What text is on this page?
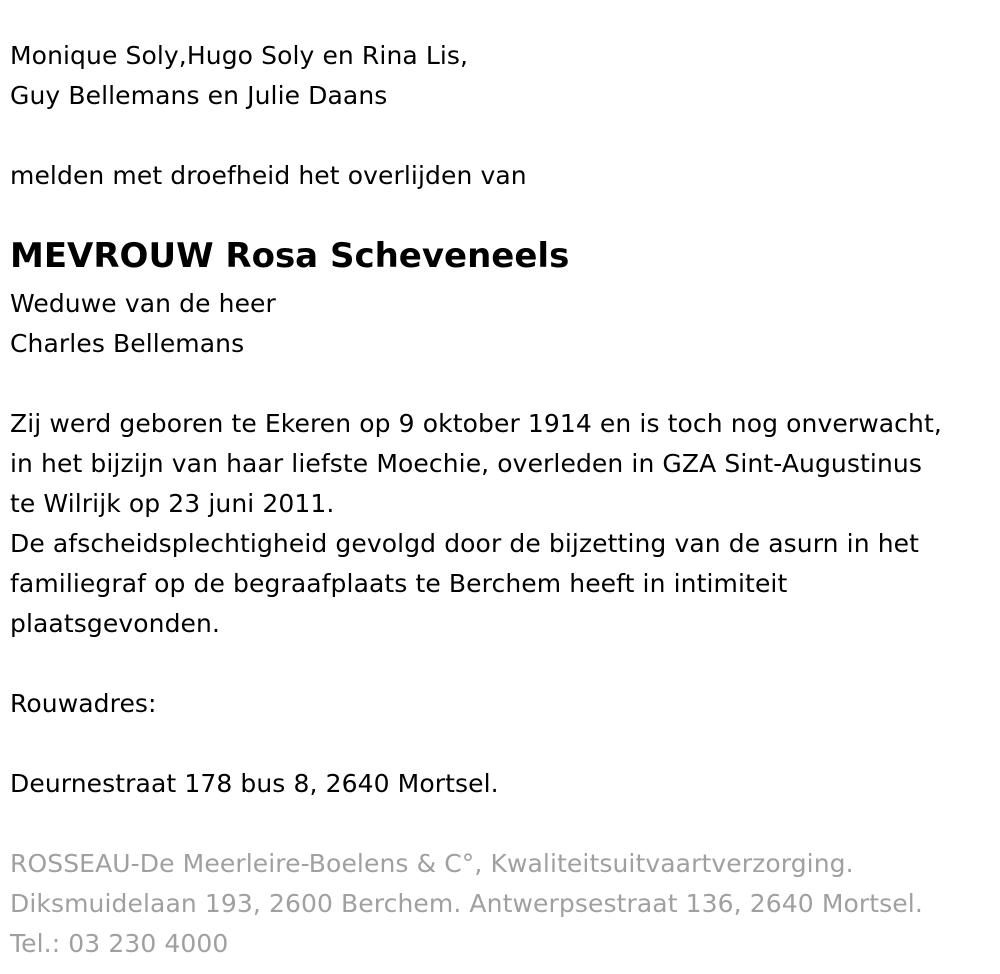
Monique Soly,Hugo Soly en Rina Lis,
Guy Bellemans en Julie Daans
melden met droefheid het overlijden van
MEVROUW Rosa Scheveneels
Weduwe van de heer
Charles Bellemans
Zij werd geboren te Ekeren op 9 oktober 1914 en is toch nog onverwacht,
in het bijzijn van haar liefste Moechie, overleden in GZA Sint-Augustinus
te Wilrijk op 23 juni 2011.
De afscheidsplechtigheid gevolgd door de bijzetting van de asurn in het
familiegraf op de begraafplaats te Berchem heeft in intimiteit
plaatsgevonden.
Rouwadres:
Deurnestraat 178 bus 8, 2640 Mortsel.
ROSSEAU-De Meerleire-Boelens & C°, Kwaliteitsuitvaartverzorging.
Diksmuidelaan 193, 2600 Berchem. Antwerpsestraat 136, 2640 Mortsel.
Tel.: 03 230 4000
